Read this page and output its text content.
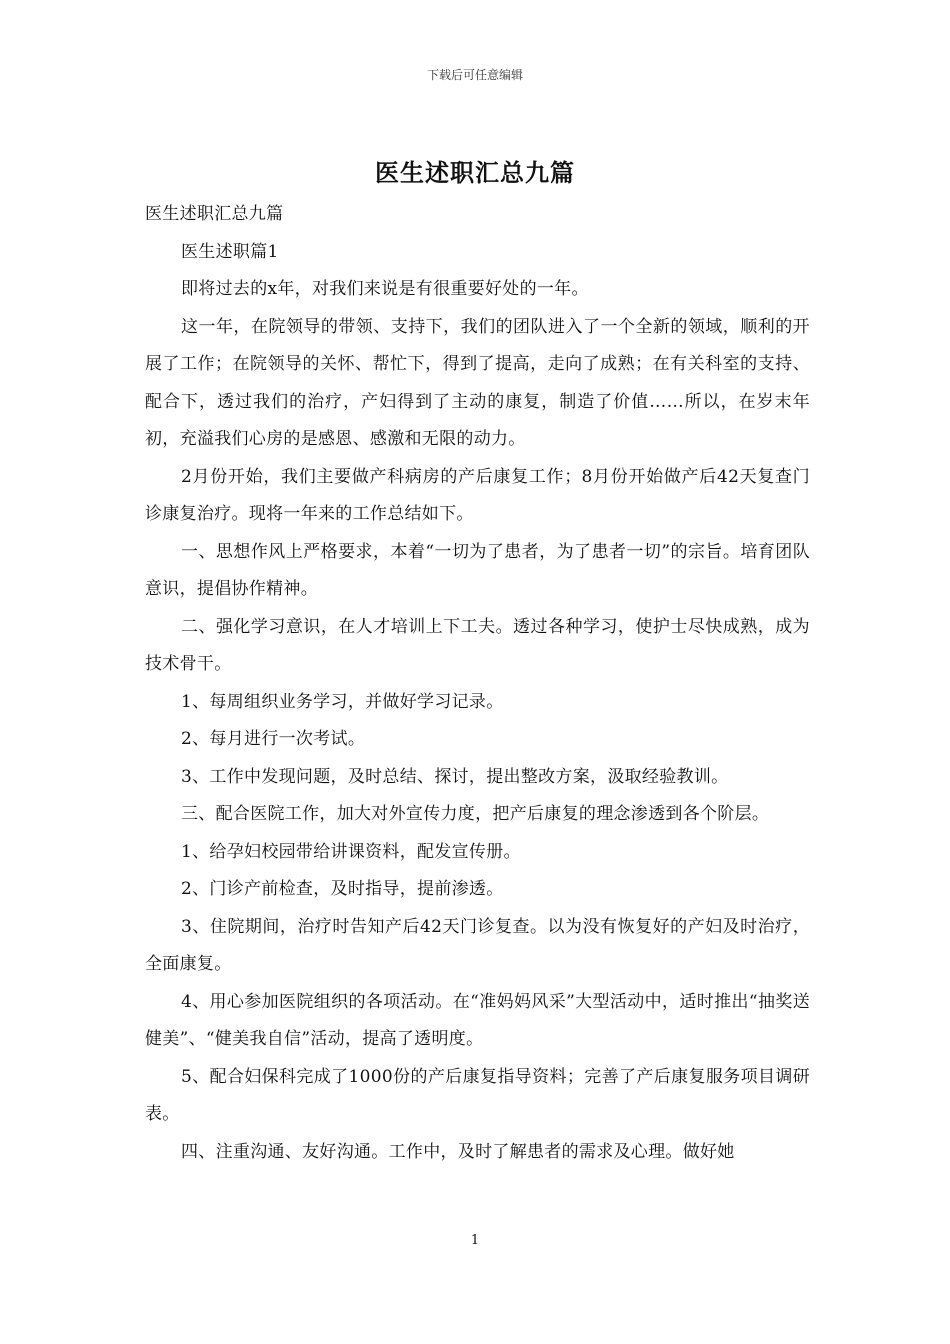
下载后可任意编辑
医生述职汇总九篇

医生述职汇总九篇

医生述职篇1

即将过去的x年，对我们来说是有很重要好处的一年。

这一年，在院领导的带领、支持下，我们的团队进入了一个全新的领域，顺利的开展了工作；在院领导的关怀、帮忙下，得到了提高，走向了成熟；在有关科室的支持、配合下，透过我们的治疗，产妇得到了主动的康复，制造了价值……所以，在岁末年初，充溢我们心房的是感恩、感激和无限的动力。

2月份开始，我们主要做产科病房的产后康复工作；8月份开始做产后42天复查门诊康复治疗。现将一年来的工作总结如下。

一、思想作风上严格要求，本着“一切为了患者，为了患者一切”的宗旨。培育团队意识，提倡协作精神。

二、强化学习意识，在人才培训上下工夫。透过各种学习，使护士尽快成熟，成为技术骨干。

1、每周组织业务学习，并做好学习记录。

2、每月进行一次考试。

3、工作中发现问题，及时总结、探讨，提出整改方案，汲取经验教训。

三、配合医院工作，加大对外宣传力度，把产后康复的理念渗透到各个阶层。

1、给孕妇校园带给讲课资料，配发宣传册。

2、门诊产前检查，及时指导，提前渗透。

3、住院期间，治疗时告知产后42天门诊复查。以为没有恢复好的产妇及时治疗，全面康复。

4、用心参加医院组织的各项活动。在“准妈妈风采”大型活动中，适时推出“抽奖送健美”、“健美我自信”活动，提高了透明度。

5、配合妇保科完成了1000份的产后康复指导资料；完善了产后康复服务项目调研表。

四、注重沟通、友好沟通。工作中，及时了解患者的需求及心理。做好她

1
